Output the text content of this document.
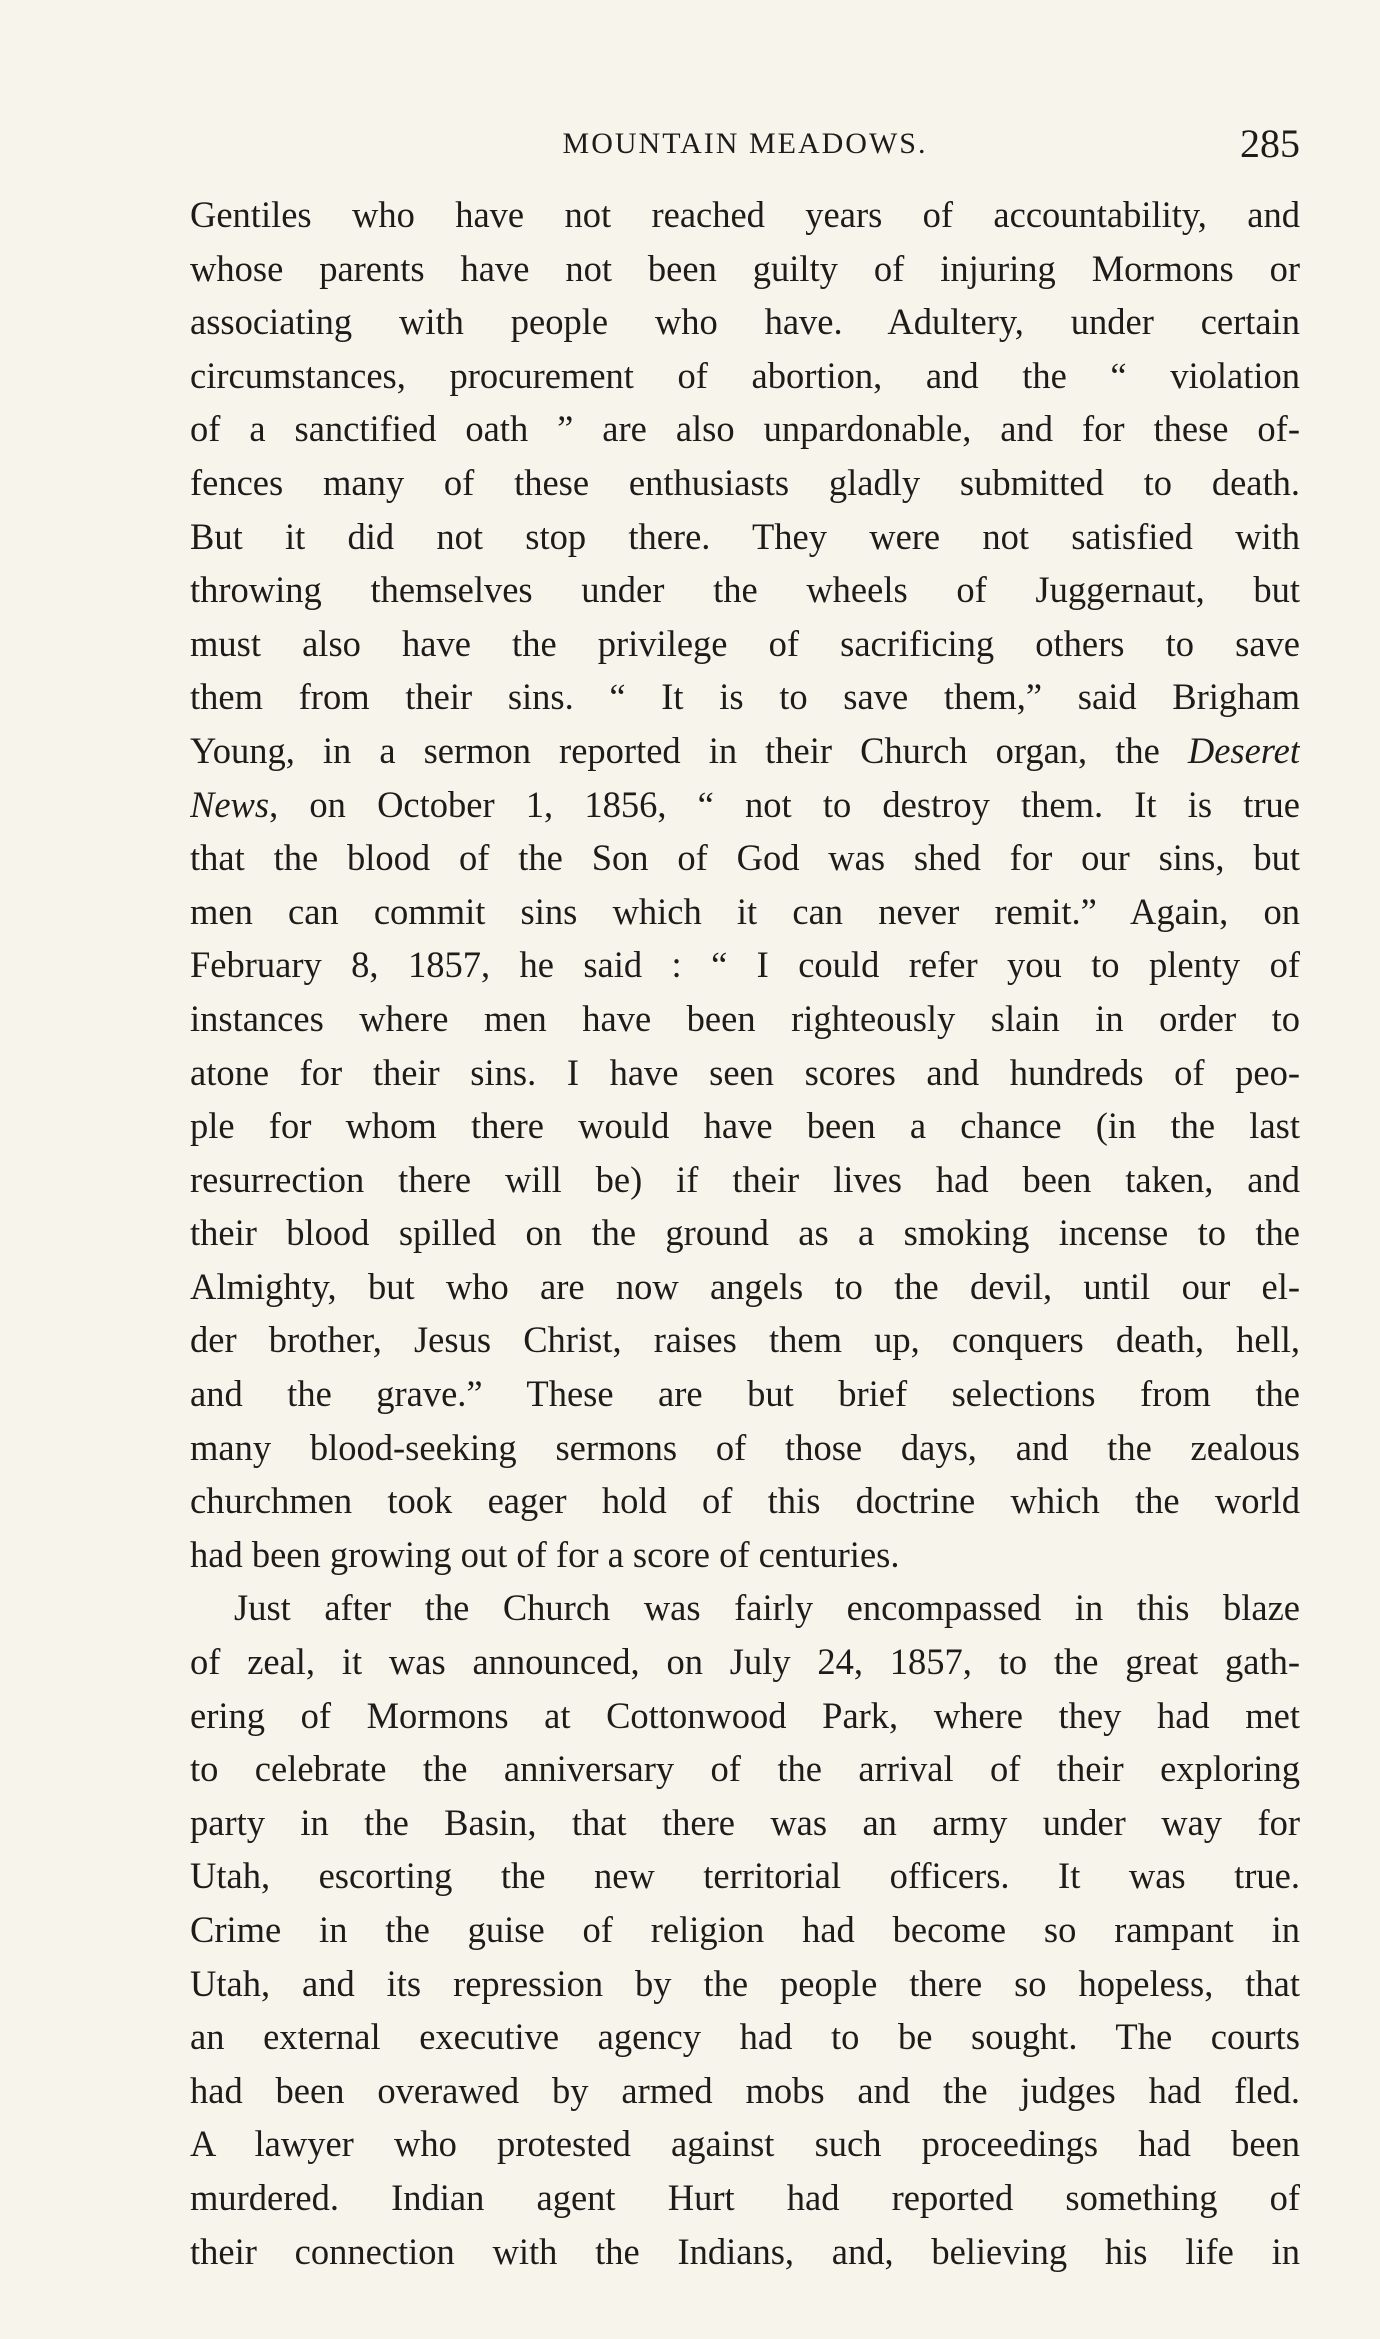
MOUNTAIN MEADOWS.	285
Gentiles who have not reached years of accountability, and
whose parents have not been guilty of injuring Mormons or
associating with people who have. Adultery, under certain
circumstances, procurement of abortion, and the “ violation
of a sanctified oath ” are also unpardonable, and for these of-
fences many of these enthusiasts gladly submitted to death.
But it did not stop there. They were not satisfied with
throwing themselves under the wheels of Juggernaut, but
must also have the privilege of sacrificing others to save
them from their sins. “ It is to save them,” said Brigham
Young, in a sermon reported in their Church organ, the Deseret
News, on October 1, 1856, “ not to destroy them. It is true
that the blood of the Son of God was shed for our sins, but
men can commit sins which it can never remit.” Again, on
February 8, 1857, he said : “ I could refer you to plenty of
instances where men have been righteously slain in order to
atone for their sins. I have seen scores and hundreds of peo-
ple for whom there would have been a chance (in the last
resurrection there will be) if their lives had been taken, and
their blood spilled on the ground as a smoking incense to the
Almighty, but who are now angels to the devil, until our el-
der brother, Jesus Christ, raises them up, conquers death, hell,
and the grave.” These are but brief selections from the
many blood-seeking sermons of those days, and the zealous
churchmen took eager hold of this doctrine which the world
had been growing out of for a score of centuries.
Just after the Church was fairly encompassed in this blaze
of zeal, it was announced, on July 24, 1857, to the great gath-
ering of Mormons at Cottonwood Park, where they had met
to celebrate the anniversary of the arrival of their exploring
party in the Basin, that there was an army under way for
Utah, escorting the new territorial officers. It was true.
Crime in the guise of religion had become so rampant in
Utah, and its repression by the people there so hopeless, that
an external executive agency had to be sought. The courts
had been overawed by armed mobs and the judges had fled.
A lawyer who protested against such proceedings had been
murdered. Indian agent Hurt had reported something of
their connection with the Indians, and, believing his life in
